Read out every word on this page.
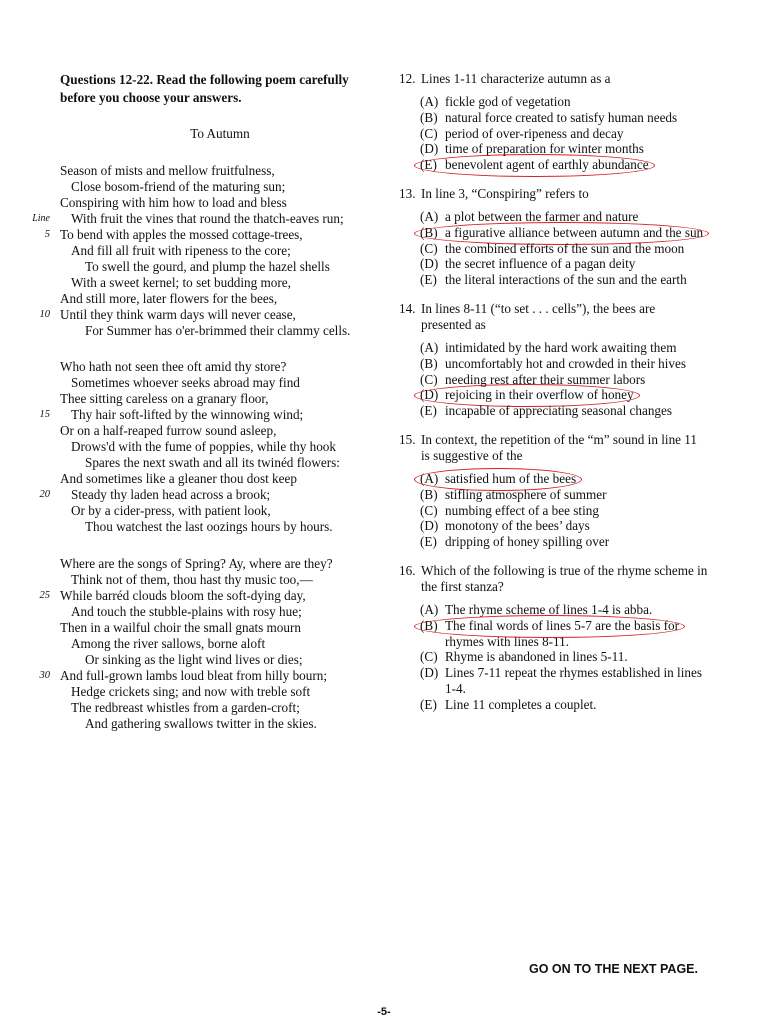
Questions 12-22. Read the following poem carefully before you choose your answers.
To Autumn
Season of mists and mellow fruitfulness,
Close bosom-friend of the maturing sun;
Conspiring with him how to load and bless
Line With fruit the vines that round the thatch-eaves run;
5 To bend with apples the mossed cottage-trees,
And fill all fruit with ripeness to the core;
To swell the gourd, and plump the hazel shells
With a sweet kernel; to set budding more,
And still more, later flowers for the bees,
10 Until they think warm days will never cease,
For Summer has o'er-brimmed their clammy cells.
Who hath not seen thee oft amid thy store?
Sometimes whoever seeks abroad may find
Thee sitting careless on a granary floor,
15 Thy hair soft-lifted by the winnowing wind;
Or on a half-reaped furrow sound asleep,
Drows'd with the fume of poppies, while thy hook
Spares the next swath and all its twinéd flowers:
And sometimes like a gleaner thou dost keep
20 Steady thy laden head across a brook;
Or by a cider-press, with patient look,
Thou watchest the last oozings hours by hours.
Where are the songs of Spring? Ay, where are they?
Think not of them, thou hast thy music too,—
25 While barréd clouds bloom the soft-dying day,
And touch the stubble-plains with rosy hue;
Then in a wailful choir the small gnats mourn
Among the river sallows, borne aloft
Or sinking as the light wind lives or dies;
30 And full-grown lambs loud bleat from hilly bourn;
Hedge crickets sing; and now with treble soft
The redbreast whistles from a garden-croft;
And gathering swallows twitter in the skies.
12. Lines 1-11 characterize autumn as a
(A) fickle god of vegetation
(B) natural force created to satisfy human needs
(C) period of over-ripeness and decay
(D) time of preparation for winter months
(E) benevolent agent of earthly abundance
13. In line 3, “Conspiring” refers to
(A) a plot between the farmer and nature
(B) a figurative alliance between autumn and the sun
(C) the combined efforts of the sun and the moon
(D) the secret influence of a pagan deity
(E) the literal interactions of the sun and the earth
14. In lines 8-11 (“to set . . . cells”), the bees are presented as
(A) intimidated by the hard work awaiting them
(B) uncomfortably hot and crowded in their hives
(C) needing rest after their summer labors
(D) rejoicing in their overflow of honey
(E) incapable of appreciating seasonal changes
15. In context, the repetition of the “m” sound in line 11 is suggestive of the
(A) satisfied hum of the bees
(B) stifling atmosphere of summer
(C) numbing effect of a bee sting
(D) monotony of the bees’ days
(E) dripping of honey spilling over
16. Which of the following is true of the rhyme scheme in the first stanza?
(A) The rhyme scheme of lines 1-4 is abba.
(B) The final words of lines 5-7 are the basis for rhymes with lines 8-11.
(C) Rhyme is abandoned in lines 5-11.
(D) Lines 7-11 repeat the rhymes established in lines 1-4.
(E) Line 11 completes a couplet.
GO ON TO THE NEXT PAGE.
-5-
